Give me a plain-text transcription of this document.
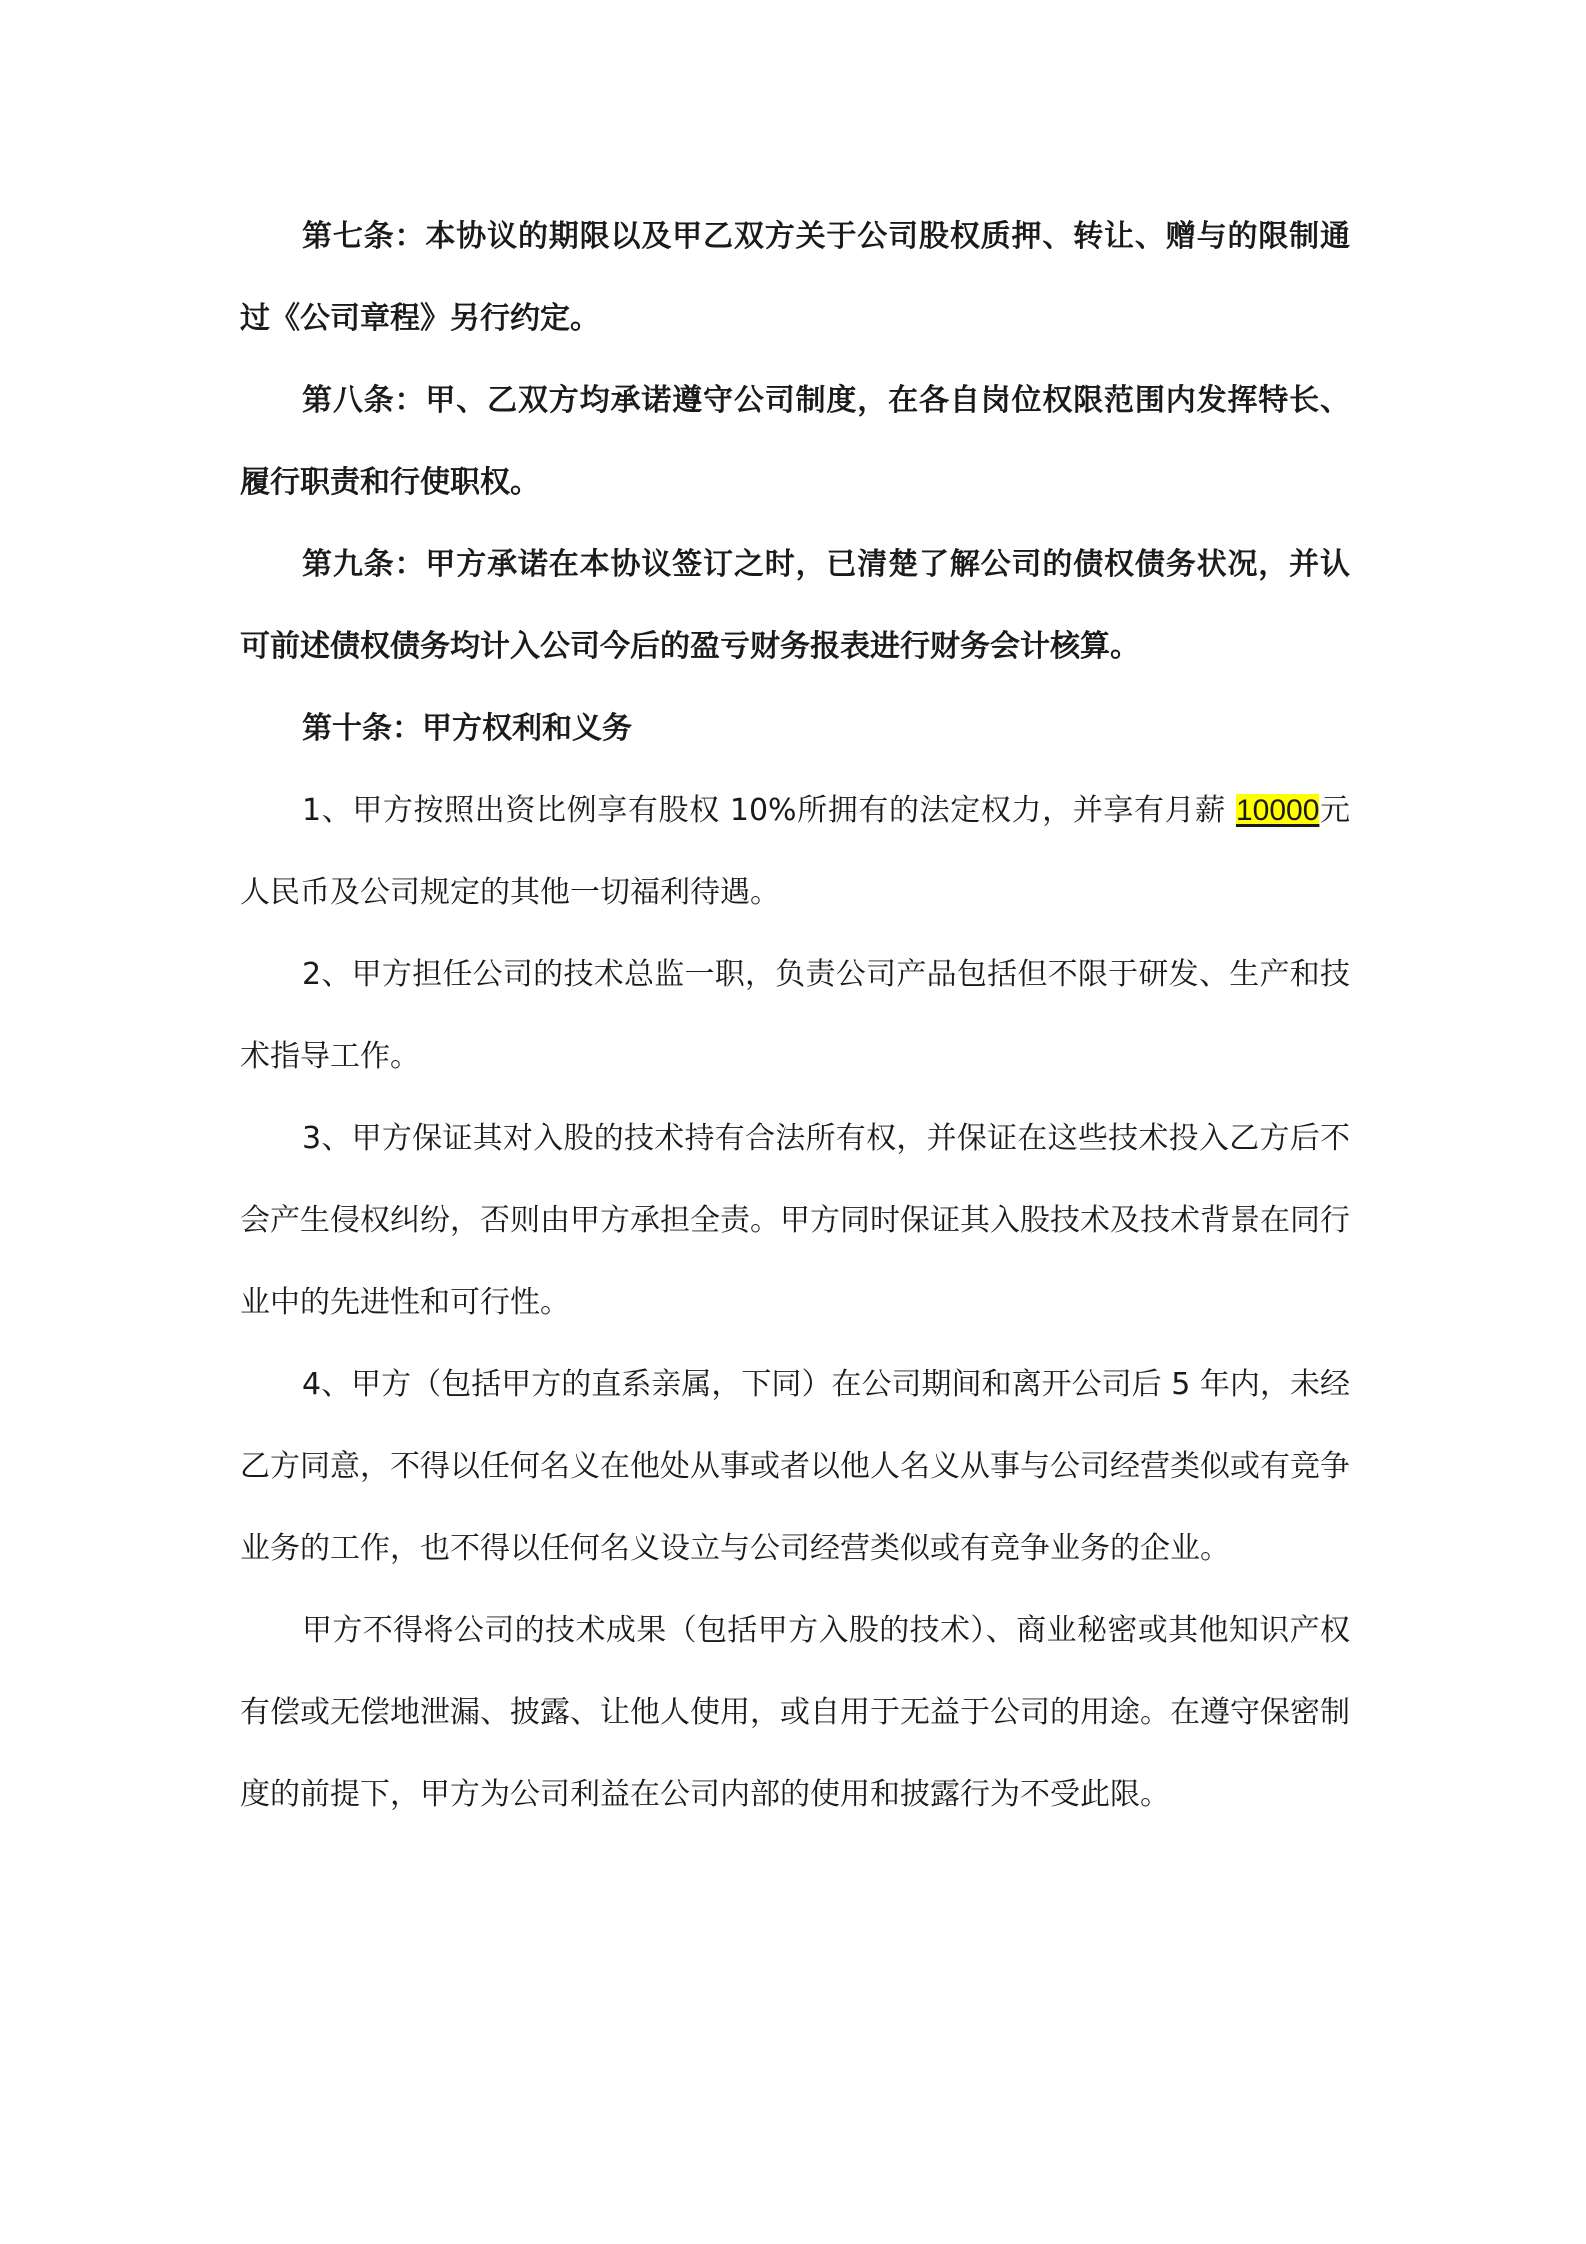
第七条：本协议的期限以及甲乙双方关于公司股权质押、转让、赠与的限制通过《公司章程》另行约定。

第八条：甲、乙双方均承诺遵守公司制度，在各自岗位权限范围内发挥特长、履行职责和行使职权。

第九条：甲方承诺在本协议签订之时，已清楚了解公司的债权债务状况，并认可前述债权债务均计入公司今后的盈亏财务报表进行财务会计核算。

第十条：甲方权利和义务

1、甲方按照出资比例享有股权 10%所拥有的法定权力，并享有月薪 10000元人民币及公司规定的其他一切福利待遇。

2、甲方担任公司的技术总监一职，负责公司产品包括但不限于研发、生产和技术指导工作。

3、甲方保证其对入股的技术持有合法所有权，并保证在这些技术投入乙方后不会产生侵权纠纷，否则由甲方承担全责。甲方同时保证其入股技术及技术背景在同行业中的先进性和可行性。

4、甲方（包括甲方的直系亲属，下同）在公司期间和离开公司后 5 年内，未经乙方同意，不得以任何名义在他处从事或者以他人名义从事与公司经营类似或有竞争业务的工作，也不得以任何名义设立与公司经营类似或有竞争业务的企业。

甲方不得将公司的技术成果（包括甲方入股的技术）、商业秘密或其他知识产权有偿或无偿地泄漏、披露、让他人使用，或自用于无益于公司的用途。在遵守保密制度的前提下，甲方为公司利益在公司内部的使用和披露行为不受此限。
